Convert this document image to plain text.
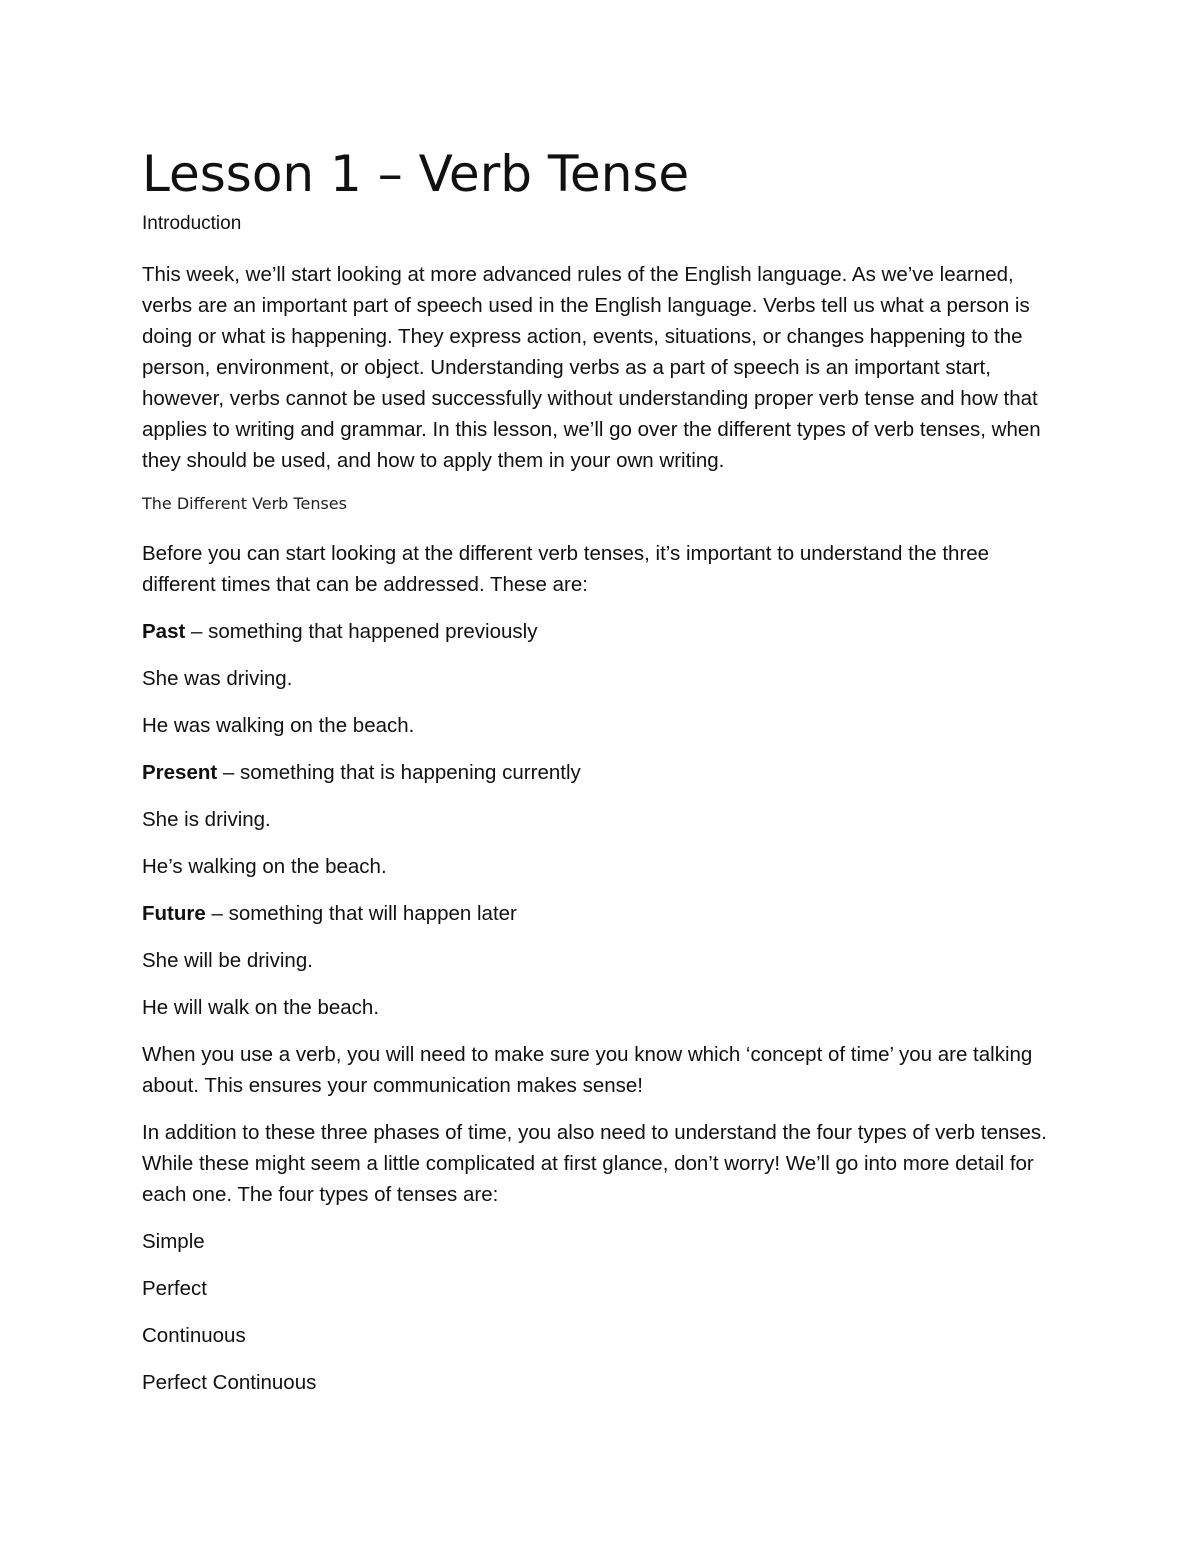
Lesson 1 – Verb Tense
Introduction

This week, we’ll start looking at more advanced rules of the English language. As we’ve learned, verbs are an important part of speech used in the English language. Verbs tell us what a person is doing or what is happening. They express action, events, situations, or changes happening to the person, environment, or object. Understanding verbs as a part of speech is an important start, however, verbs cannot be used successfully without understanding proper verb tense and how that applies to writing and grammar. In this lesson, we’ll go over the different types of verb tenses, when they should be used, and how to apply them in your own writing.

The Different Verb Tenses

Before you can start looking at the different verb tenses, it’s important to understand the three different times that can be addressed. These are:

Past – something that happened previously

She was driving.

He was walking on the beach.

Present – something that is happening currently

She is driving.

He’s walking on the beach.

Future – something that will happen later

She will be driving.

He will walk on the beach.

When you use a verb, you will need to make sure you know which ‘concept of time’ you are talking about. This ensures your communication makes sense!

In addition to these three phases of time, you also need to understand the four types of verb tenses. While these might seem a little complicated at first glance, don’t worry! We’ll go into more detail for each one. The four types of tenses are:

Simple

Perfect

Continuous

Perfect Continuous
